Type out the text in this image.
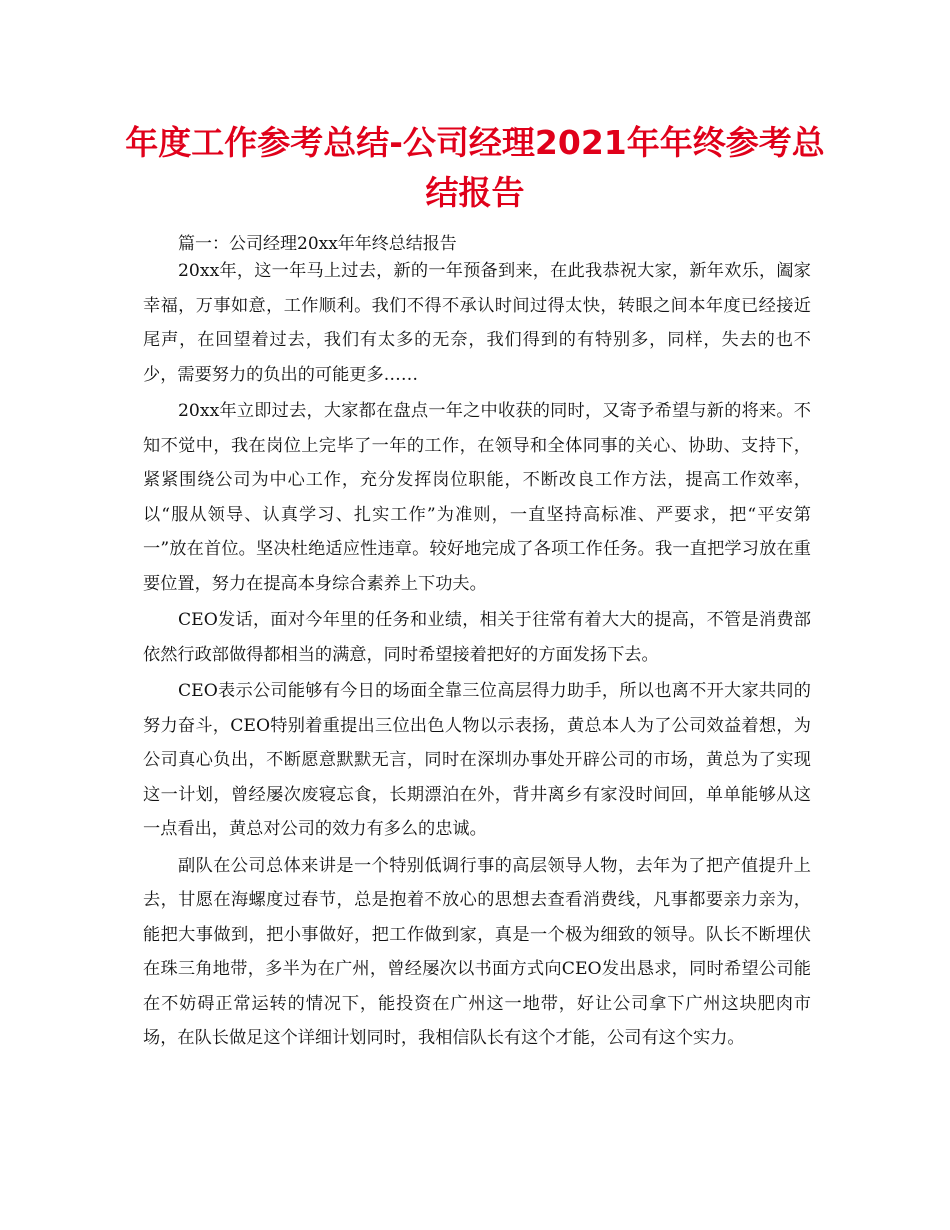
年度工作参考总结-公司经理2021年年终参考总结报告

篇一：公司经理20xx年年终总结报告

20xx年，这一年马上过去，新的一年预备到来，在此我恭祝大家，新年欢乐，阖家幸福，万事如意，工作顺利。我们不得不承认时间过得太快，转眼之间本年度已经接近尾声，在回望着过去，我们有太多的无奈，我们得到的有特别多，同样，失去的也不少，需要努力的负出的可能更多……

20xx年立即过去，大家都在盘点一年之中收获的同时，又寄予希望与新的将来。不知不觉中，我在岗位上完毕了一年的工作，在领导和全体同事的关心、协助、支持下，紧紧围绕公司为中心工作，充分发挥岗位职能，不断改良工作方法，提高工作效率，以“服从领导、认真学习、扎实工作”为准则，一直坚持高标准、严要求，把“平安第一”放在首位。坚决杜绝适应性违章。较好地完成了各项工作任务。我一直把学习放在重要位置，努力在提高本身综合素养上下功夫。

CEO发话，面对今年里的任务和业绩，相关于往常有着大大的提高，不管是消费部依然行政部做得都相当的满意，同时希望接着把好的方面发扬下去。

CEO表示公司能够有今日的场面全靠三位高层得力助手，所以也离不开大家共同的努力奋斗，CEO特别着重提出三位出色人物以示表扬，黄总本人为了公司效益着想，为公司真心负出，不断愿意默默无言，同时在深圳办事处开辟公司的市场，黄总为了实现这一计划，曾经屡次废寝忘食，长期漂泊在外，背井离乡有家没时间回，单单能够从这一点看出，黄总对公司的效力有多么的忠诚。

副队在公司总体来讲是一个特别低调行事的高层领导人物，去年为了把产值提升上去，甘愿在海螺度过春节，总是抱着不放心的思想去查看消费线，凡事都要亲力亲为，能把大事做到，把小事做好，把工作做到家，真是一个极为细致的领导。队长不断埋伏在珠三角地带，多半为在广州，曾经屡次以书面方式向CEO发出恳求，同时希望公司能在不妨碍正常运转的情况下，能投资在广州这一地带，好让公司拿下广州这块肥肉市场，在队长做足这个详细计划同时，我相信队长有这个才能，公司有这个实力。
